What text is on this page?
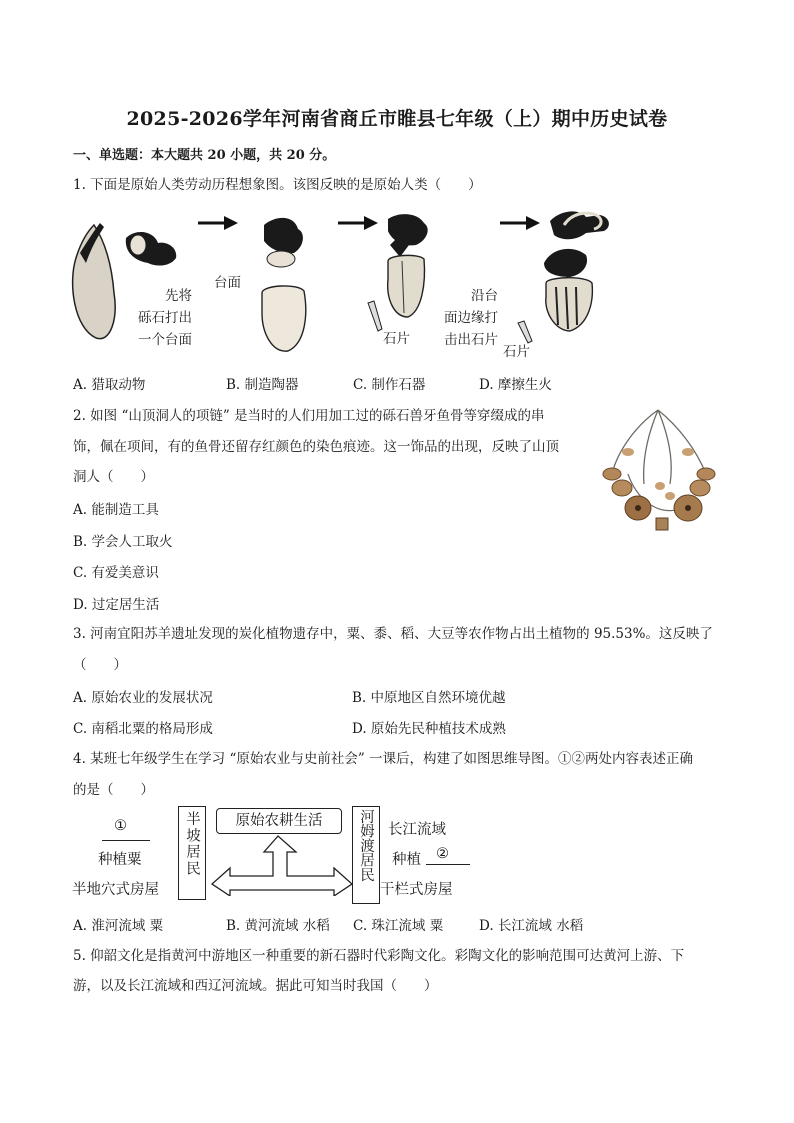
2025-2026学年河南省商丘市睢县七年级（上）期中历史试卷
一、单选题：本大题共 20 小题，共 20 分。
1. 下面是原始人类劳动历程想象图。该图反映的是原始人类（　　）
先将
砾石打出
一个台面
台面
石片
沿台
面边缘打
击出石片
石片
A. 猎取动物	B. 制造陶器	C. 制作石器	D. 摩擦生火
2. 如图 “山顶洞人的项链” 是当时的人们用加工过的砾石兽牙鱼骨等穿缀成的串
饰，佩在项间，有的鱼骨还留存红颜色的染色痕迹。这一饰品的出现，反映了山顶
洞人（　　）
A. 能制造工具
B. 学会人工取火
C. 有爱美意识
D. 过定居生活
3. 河南宜阳苏羊遗址发现的炭化植物遗存中，粟、黍、稻、大豆等农作物占出土植物的 95.53%。这反映了
（　　）
A. 原始农业的发展状况	B. 中原地区自然环境优越
C. 南稻北粟的格局形成	D. 原始先民种植技术成熟
4. 某班七年级学生在学习 “原始农业与史前社会” 一课后，构建了如图思维导图。①②两处内容表述正确
的是（　　）
①
种植粟
半地穴式房屋
半坡居民	原始农耕生活	河姆渡居民 长江流域
种植 ②
干栏式房屋
A. 淮河流域 粟	B. 黄河流域 水稻 C. 珠江流域 粟	D. 长江流域 水稻
5. 仰韶文化是指黄河中游地区一种重要的新石器时代彩陶文化。彩陶文化的影响范围可达黄河上游、下
游，以及长江流域和西辽河流域。据此可知当时我国（　　）
